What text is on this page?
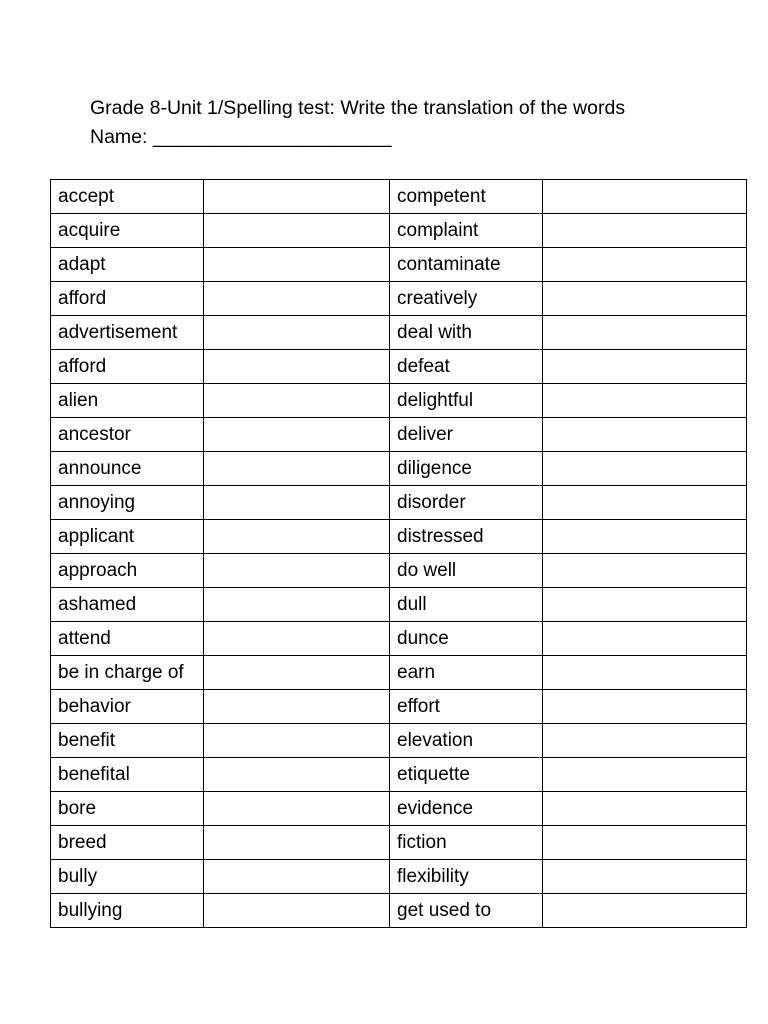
Grade 8-Unit 1/Spelling test: Write the translation of the words
Name: ______________________
accept		competent	
acquire		complaint	
adapt		contaminate	
afford		creatively	
advertisement		deal with	
afford		defeat	
alien		delightful	
ancestor		deliver	
announce		diligence	
annoying		disorder	
applicant		distressed	
approach		do well	
ashamed		dull	
attend		dunce	
be in charge of		earn	
behavior		effort	
benefit		elevation	
benefital		etiquette	
bore		evidence	
breed		fiction	
bully		flexibility	
bullying		get used to	
